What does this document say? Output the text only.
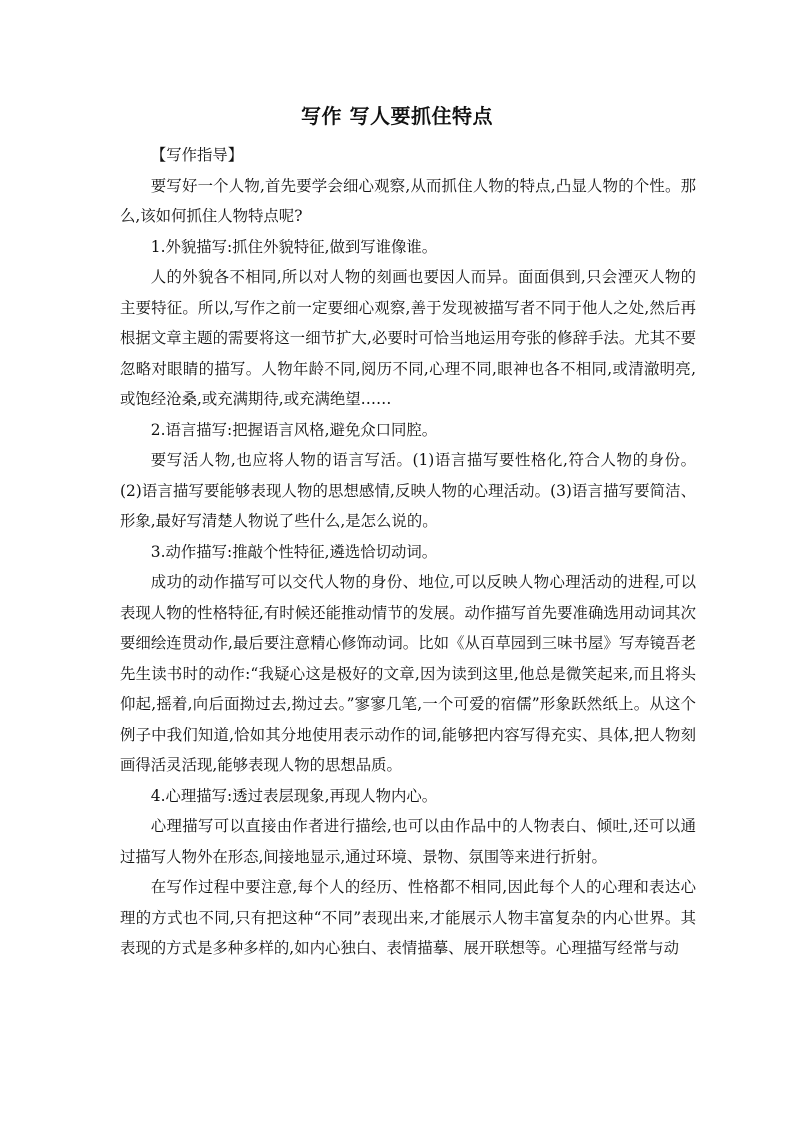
写作 写人要抓住特点

【写作指导】

要写好一个人物,首先要学会细心观察,从而抓住人物的特点,凸显人物的个性。那么,该如何抓住人物特点呢?

1.外貌描写:抓住外貌特征,做到写谁像谁。

人的外貌各不相同,所以对人物的刻画也要因人而异。面面俱到,只会湮灭人物的主要特征。所以,写作之前一定要细心观察,善于发现被描写者不同于他人之处,然后再根据文章主题的需要将这一细节扩大,必要时可恰当地运用夸张的修辞手法。尤其不要忽略对眼睛的描写。人物年龄不同,阅历不同,心理不同,眼神也各不相同,或清澈明亮,或饱经沧桑,或充满期待,或充满绝望……

2.语言描写:把握语言风格,避免众口同腔。

要写活人物,也应将人物的语言写活。(1)语言描写要性格化,符合人物的身份。(2)语言描写要能够表现人物的思想感情,反映人物的心理活动。(3)语言描写要简洁、形象,最好写清楚人物说了些什么,是怎么说的。

3.动作描写:推敲个性特征,遴选恰切动词。

成功的动作描写可以交代人物的身份、地位,可以反映人物心理活动的进程,可以表现人物的性格特征,有时候还能推动情节的发展。动作描写首先要准确选用动词其次要细绘连贯动作,最后要注意精心修饰动词。比如《从百草园到三味书屋》写寿镜吾老先生读书时的动作:“我疑心这是极好的文章,因为读到这里,他总是微笑起来,而且将头仰起,摇着,向后面拗过去,拗过去。”寥寥几笔,一个可爱的宿儒”形象跃然纸上。从这个例子中我们知道,恰如其分地使用表示动作的词,能够把内容写得充实、具体,把人物刻画得活灵活现,能够表现人物的思想品质。

4.心理描写:透过表层现象,再现人物内心。

心理描写可以直接由作者进行描绘,也可以由作品中的人物表白、倾吐,还可以通过描写人物外在形态,间接地显示,通过环境、景物、氛围等来进行折射。

在写作过程中要注意,每个人的经历、性格都不相同,因此每个人的心理和表达心理的方式也不同,只有把这种“不同”表现出来,才能展示人物丰富复杂的内心世界。其表现的方式是多种多样的,如内心独白、表情描摹、展开联想等。心理描写经常与动
